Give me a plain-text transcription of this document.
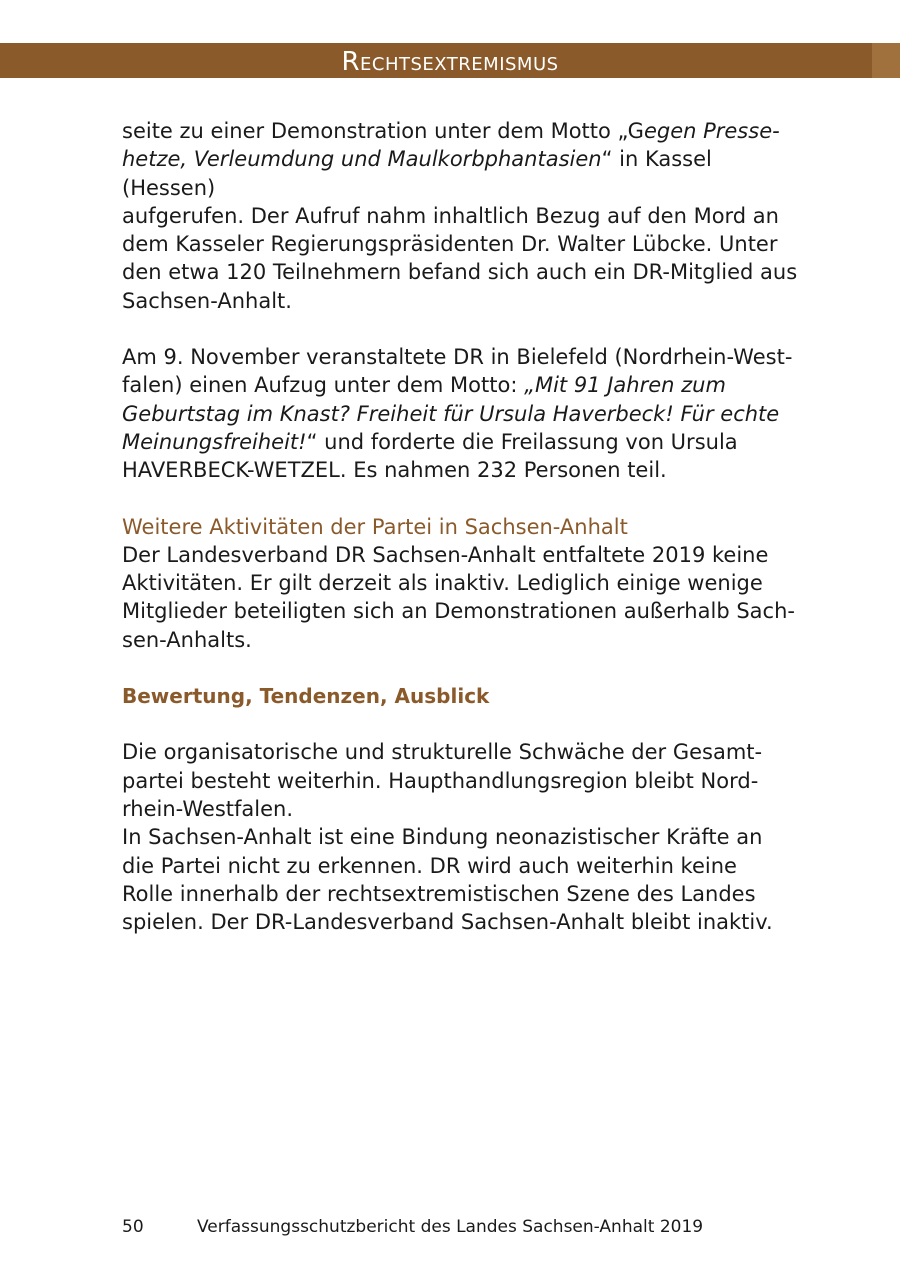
Rechtsextremismus

seite zu einer Demonstration unter dem Motto „Gegen Presse-

hetze, Verleumdung und Maulkorbphantasien“ in Kassel (Hessen)

aufgerufen. Der Aufruf nahm inhaltlich Bezug auf den Mord an

dem Kasseler Regierungspräsidenten Dr. Walter Lübcke. Unter

den etwa 120 Teilnehmern befand sich auch ein DR-Mitglied aus

Sachsen-Anhalt.

Am 9. November veranstaltete DR in Bielefeld (Nordrhein-West-

falen) einen Aufzug unter dem Motto: „Mit 91 Jahren zum

Geburtstag im Knast? Freiheit für Ursula Haverbeck! Für echte

Meinungsfreiheit!“ und forderte die Freilassung von Ursula

HAVERBECK-WETZEL. Es nahmen 232 Personen teil.

Weitere Aktivitäten der Partei in Sachsen-Anhalt

Der Landesverband DR Sachsen-Anhalt entfaltete 2019 keine

Aktivitäten. Er gilt derzeit als inaktiv. Lediglich einige wenige

Mitglieder beteiligten sich an Demonstrationen außerhalb Sach-

sen-Anhalts.

Bewertung, Tendenzen, Ausblick

Die organisatorische und strukturelle Schwäche der Gesamt-

partei besteht weiterhin. Haupthandlungsregion bleibt Nord-

rhein-Westfalen.

In Sachsen-Anhalt ist eine Bindung neonazistischer Kräfte an

die Partei nicht zu erkennen. DR wird auch weiterhin keine

Rolle innerhalb der rechtsextremistischen Szene des Landes

spielen. Der DR-Landesverband Sachsen-Anhalt bleibt inaktiv.

50	Verfassungsschutzbericht des Landes Sachsen-Anhalt 2019
